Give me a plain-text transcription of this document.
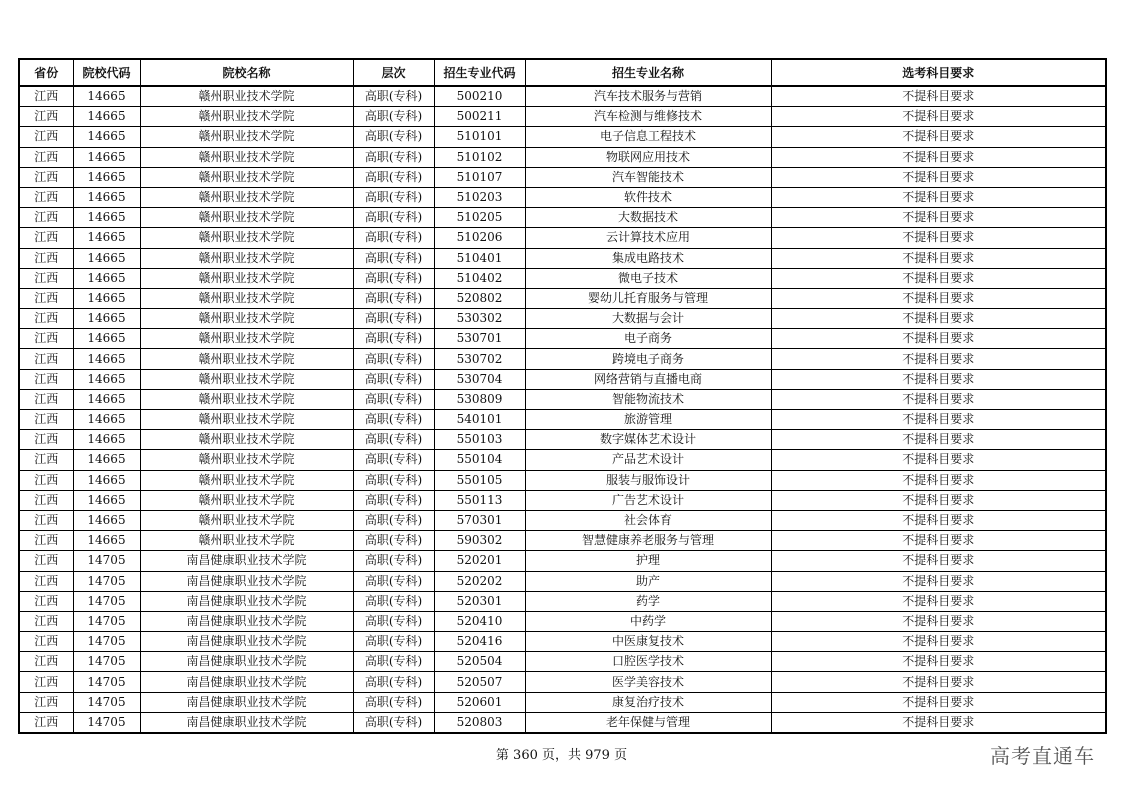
省份	院校代码	院校名称	层次	招生专业代码	招生专业名称	选考科目要求
江西	14665	赣州职业技术学院	高职(专科)	500210	汽车技术服务与营销	不提科目要求
江西	14665	赣州职业技术学院	高职(专科)	500211	汽车检测与维修技术	不提科目要求
江西	14665	赣州职业技术学院	高职(专科)	510101	电子信息工程技术	不提科目要求
江西	14665	赣州职业技术学院	高职(专科)	510102	物联网应用技术	不提科目要求
江西	14665	赣州职业技术学院	高职(专科)	510107	汽车智能技术	不提科目要求
江西	14665	赣州职业技术学院	高职(专科)	510203	软件技术	不提科目要求
江西	14665	赣州职业技术学院	高职(专科)	510205	大数据技术	不提科目要求
江西	14665	赣州职业技术学院	高职(专科)	510206	云计算技术应用	不提科目要求
江西	14665	赣州职业技术学院	高职(专科)	510401	集成电路技术	不提科目要求
江西	14665	赣州职业技术学院	高职(专科)	510402	微电子技术	不提科目要求
江西	14665	赣州职业技术学院	高职(专科)	520802	婴幼儿托育服务与管理	不提科目要求
江西	14665	赣州职业技术学院	高职(专科)	530302	大数据与会计	不提科目要求
江西	14665	赣州职业技术学院	高职(专科)	530701	电子商务	不提科目要求
江西	14665	赣州职业技术学院	高职(专科)	530702	跨境电子商务	不提科目要求
江西	14665	赣州职业技术学院	高职(专科)	530704	网络营销与直播电商	不提科目要求
江西	14665	赣州职业技术学院	高职(专科)	530809	智能物流技术	不提科目要求
江西	14665	赣州职业技术学院	高职(专科)	540101	旅游管理	不提科目要求
江西	14665	赣州职业技术学院	高职(专科)	550103	数字媒体艺术设计	不提科目要求
江西	14665	赣州职业技术学院	高职(专科)	550104	产品艺术设计	不提科目要求
江西	14665	赣州职业技术学院	高职(专科)	550105	服装与服饰设计	不提科目要求
江西	14665	赣州职业技术学院	高职(专科)	550113	广告艺术设计	不提科目要求
江西	14665	赣州职业技术学院	高职(专科)	570301	社会体育	不提科目要求
江西	14665	赣州职业技术学院	高职(专科)	590302	智慧健康养老服务与管理	不提科目要求
江西	14705	南昌健康职业技术学院	高职(专科)	520201	护理	不提科目要求
江西	14705	南昌健康职业技术学院	高职(专科)	520202	助产	不提科目要求
江西	14705	南昌健康职业技术学院	高职(专科)	520301	药学	不提科目要求
江西	14705	南昌健康职业技术学院	高职(专科)	520410	中药学	不提科目要求
江西	14705	南昌健康职业技术学院	高职(专科)	520416	中医康复技术	不提科目要求
江西	14705	南昌健康职业技术学院	高职(专科)	520504	口腔医学技术	不提科目要求
江西	14705	南昌健康职业技术学院	高职(专科)	520507	医学美容技术	不提科目要求
江西	14705	南昌健康职业技术学院	高职(专科)	520601	康复治疗技术	不提科目要求
江西	14705	南昌健康职业技术学院	高职(专科)	520803	老年保健与管理	不提科目要求
第 360 页，共 979 页	高考直通车
